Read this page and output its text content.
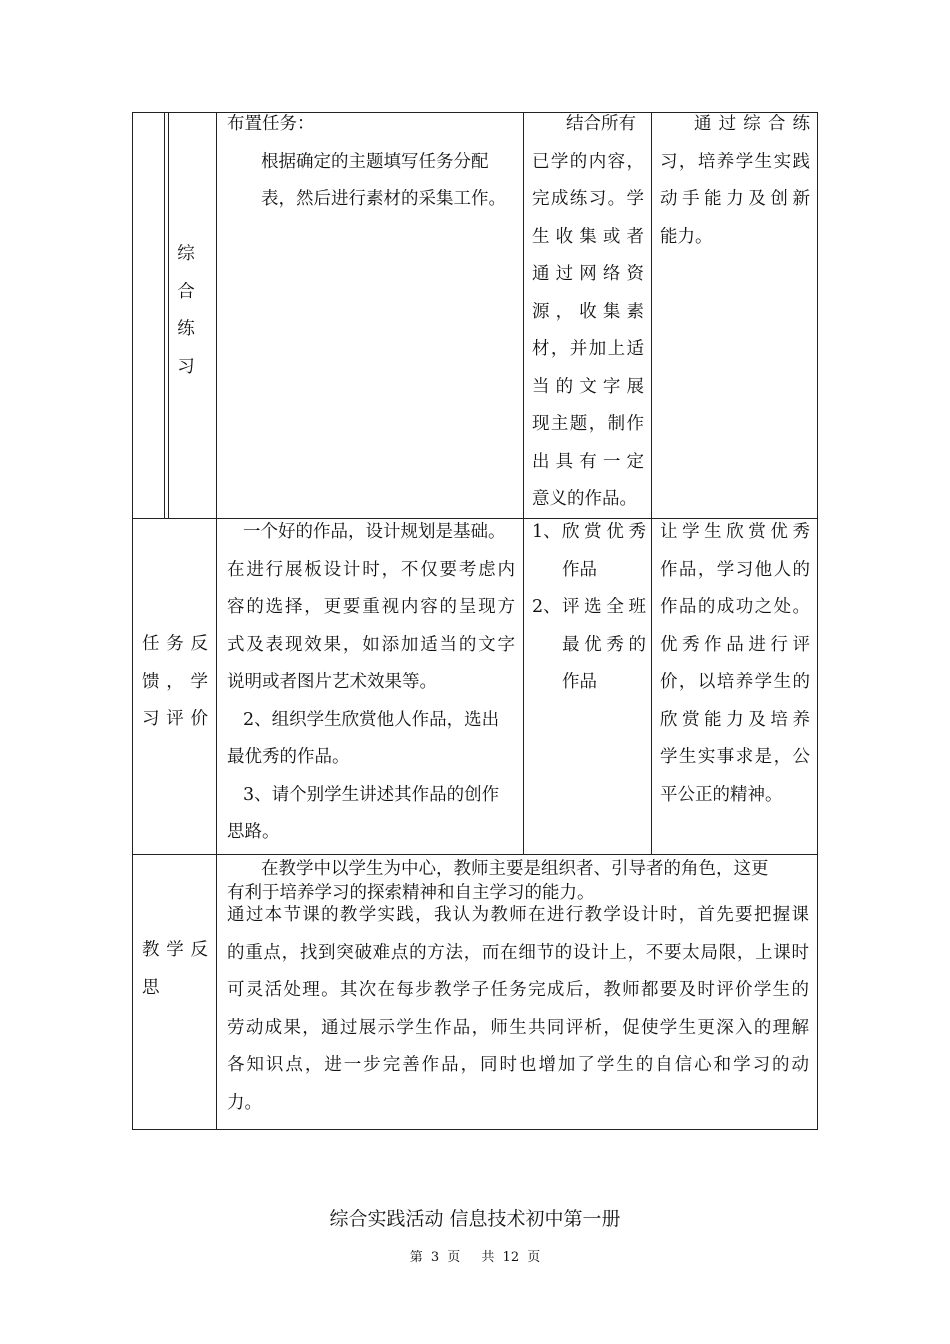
综
合
练
习
布置任务：
根据确定的主题填写任务分配
表，然后进行素材的采集工作。
结合所有
已学的内容，
完成练习。学
生收集或者
通过网络资
源，收集素
材，并加上适
当的文字展
现主题，制作
出具有一定
意义的作品。
通过综合练
习，培养学生实践
动手能力及创新
能力。
任务反
馈，学
习评价
一个好的作品，设计规划是基础。
在进行展板设计时，不仅要考虑内
容的选择，更要重视内容的呈现方
式及表现效果，如添加适当的文字
说明或者图片艺术效果等。
2、组织学生欣赏他人作品，选出
最优秀的作品。
3、请个别学生讲述其作品的创作
思路。
1、 欣赏优秀
作品
2、 评选全班
最优秀的
作品
让学生欣赏优秀
作品，学习他人的
作品的成功之处。
优秀作品进行评
价，以培养学生的
欣赏能力及培养
学生实事求是，公
平公正的精神。
教学反
思
在教学中以学生为中心，教师主要是组织者、引导者的角色，这更
有利于培养学习的探索精神和自主学习的能力。
通过本节课的教学实践，我认为教师在进行教学设计时，首先要把握课
的重点，找到突破难点的方法，而在细节的设计上，不要太局限，上课时
可灵活处理。其次在每步教学子任务完成后，教师都要及时评价学生的
劳动成果，通过展示学生作品，师生共同评析，促使学生更深入的理解
各知识点，进一步完善作品，同时也增加了学生的自信心和学习的动
力。
综合实践活动 信息技术初中第一册
第 3 页　 共 12 页
